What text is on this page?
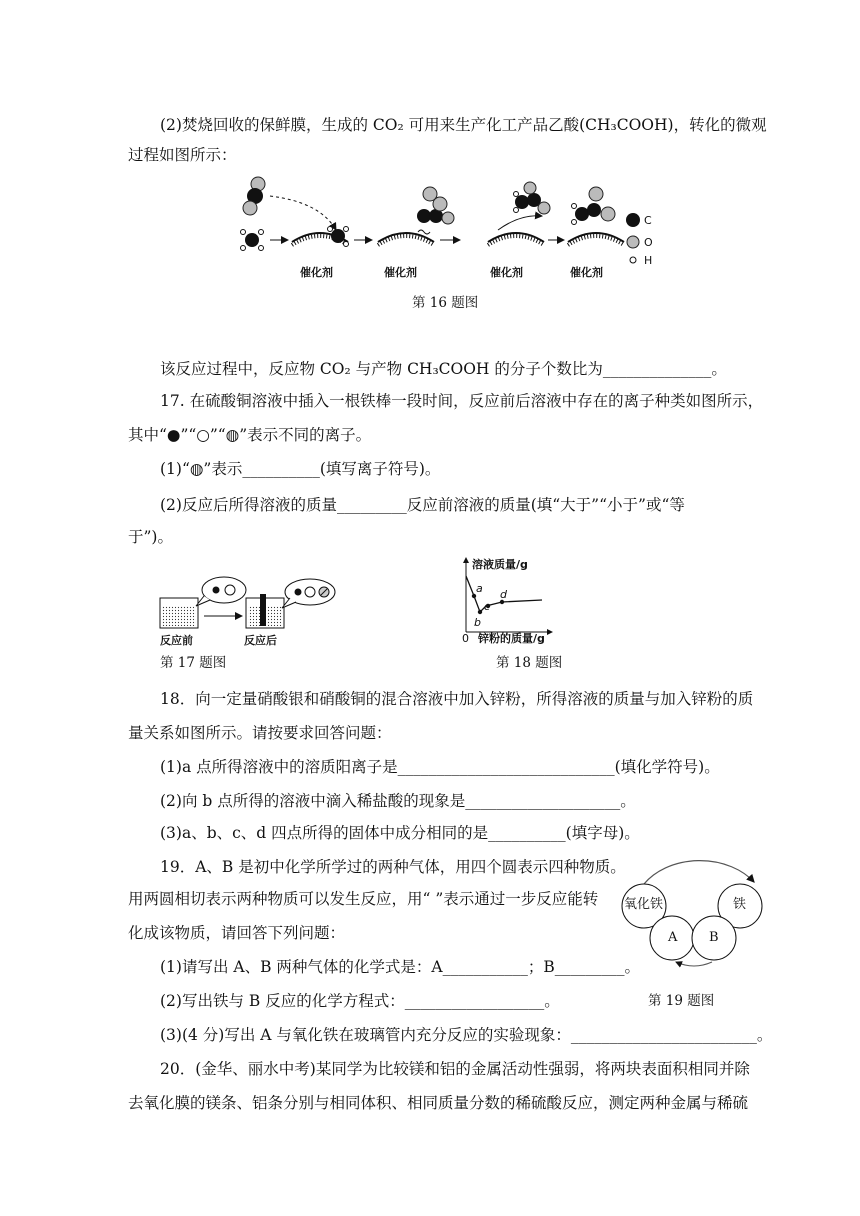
(2)焚烧回收的保鲜膜，生成的 CO₂ 可用来生产化工产品乙酸(CH₃COOH)，转化的微观
过程如图所示：
C
O
H
催化剂	催化剂	催化剂	催化剂
第 16 题图
该反应过程中，反应物 CO₂ 与产物 CH₃COOH 的分子个数比为______________。
17. 在硫酸铜溶液中插入一根铁棒一段时间，反应前后溶液中存在的离子种类如图所示，
其中“●”“○”“◍”表示不同的离子。
(1)“◍”表示__________(填写离子符号)。
(2)反应后所得溶液的质量_________反应前溶液的质量(填“大于”“小于”或“等
于”)。
反应前	反应后
第 17 题图
溶液质量/g
a
b
c
d
0 锌粉的质量/g
第 18 题图
18．向一定量硝酸银和硝酸铜的混合溶液中加入锌粉，所得溶液的质量与加入锌粉的质
量关系如图所示。请按要求回答问题：
(1)a 点所得溶液中的溶质阳离子是____________________________(填化学符号)。
(2)向 b 点所得的溶液中滴入稀盐酸的现象是____________________。
(3)a、b、c、d 四点所得的固体中成分相同的是__________(填字母)。
19．A、B 是初中化学所学过的两种气体，用四个圆表示四种物质。
用两圆相切表示两种物质可以发生反应，用“ ”表示通过一步反应能转
化成该物质，请回答下列问题：
(1)请写出 A、B 两种气体的化学式是：A___________；B_________。
(2)写出铁与 B 反应的化学方程式：__________________。
(3)(4 分)写出 A 与氧化铁在玻璃管内充分反应的实验现象：________________________。
氧化铁	铁
A B
第 19 题图
20．(金华、丽水中考)某同学为比较镁和铝的金属活动性强弱，将两块表面积相同并除
去氧化膜的镁条、铝条分别与相同体积、相同质量分数的稀硫酸反应，测定两种金属与稀硫
